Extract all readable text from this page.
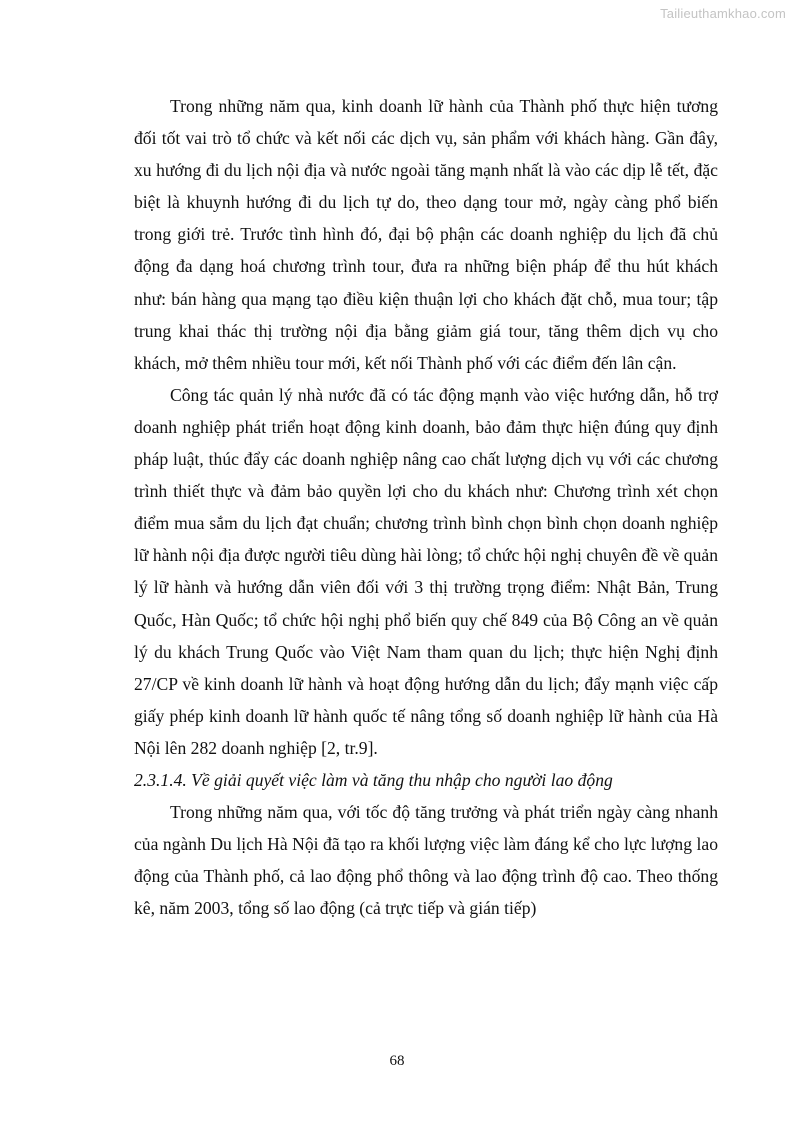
Tailieuthamkhao.com

Trong những năm qua, kinh doanh lữ hành của Thành phố thực hiện tương đối tốt vai trò tổ chức và kết nối các dịch vụ, sản phẩm với khách hàng. Gần đây, xu hướng đi du lịch nội địa và nước ngoài tăng mạnh nhất là vào các dịp lễ tết, đặc biệt là khuynh hướng đi du lịch tự do, theo dạng tour mở, ngày càng phổ biến trong giới trẻ. Trước tình hình đó, đại bộ phận các doanh nghiệp du lịch đã chủ động đa dạng hoá chương trình tour, đưa ra những biện pháp để thu hút khách như: bán hàng qua mạng tạo điều kiện thuận lợi cho khách đặt chỗ, mua tour; tập trung khai thác thị trường nội địa bằng giảm giá tour, tăng thêm dịch vụ cho khách, mở thêm nhiều tour mới, kết nối Thành phố với các điểm đến lân cận.

Công tác quản lý nhà nước đã có tác động mạnh vào việc hướng dẫn, hỗ trợ doanh nghiệp phát triển hoạt động kinh doanh, bảo đảm thực hiện đúng quy định pháp luật, thúc đẩy các doanh nghiệp nâng cao chất lượng dịch vụ với các chương trình thiết thực và đảm bảo quyền lợi cho du khách như: Chương trình xét chọn điểm mua sắm du lịch đạt chuẩn; chương trình bình chọn bình chọn doanh nghiệp lữ hành nội địa được người tiêu dùng hài lòng; tổ chức hội nghị chuyên đề về quản lý lữ hành và hướng dẫn viên đối với 3 thị trường trọng điểm: Nhật Bản, Trung Quốc, Hàn Quốc; tổ chức hội nghị phổ biến quy chế 849 của Bộ Công an về quản lý du khách Trung Quốc vào Việt Nam tham quan du lịch; thực hiện Nghị định 27/CP về kinh doanh lữ hành và hoạt động hướng dẫn du lịch; đẩy mạnh việc cấp giấy phép kinh doanh lữ hành quốc tế nâng tổng số doanh nghiệp lữ hành của Hà Nội lên 282 doanh nghiệp [2, tr.9].

2.3.1.4. Về giải quyết việc làm và tăng thu nhập cho người lao động

Trong những năm qua, với tốc độ tăng trưởng và phát triển ngày càng nhanh của ngành Du lịch Hà Nội đã tạo ra khối lượng việc làm đáng kể cho lực lượng lao động của Thành phố, cả lao động phổ thông và lao động trình độ cao. Theo thống kê, năm 2003, tổng số lao động (cả trực tiếp và gián tiếp)

68
